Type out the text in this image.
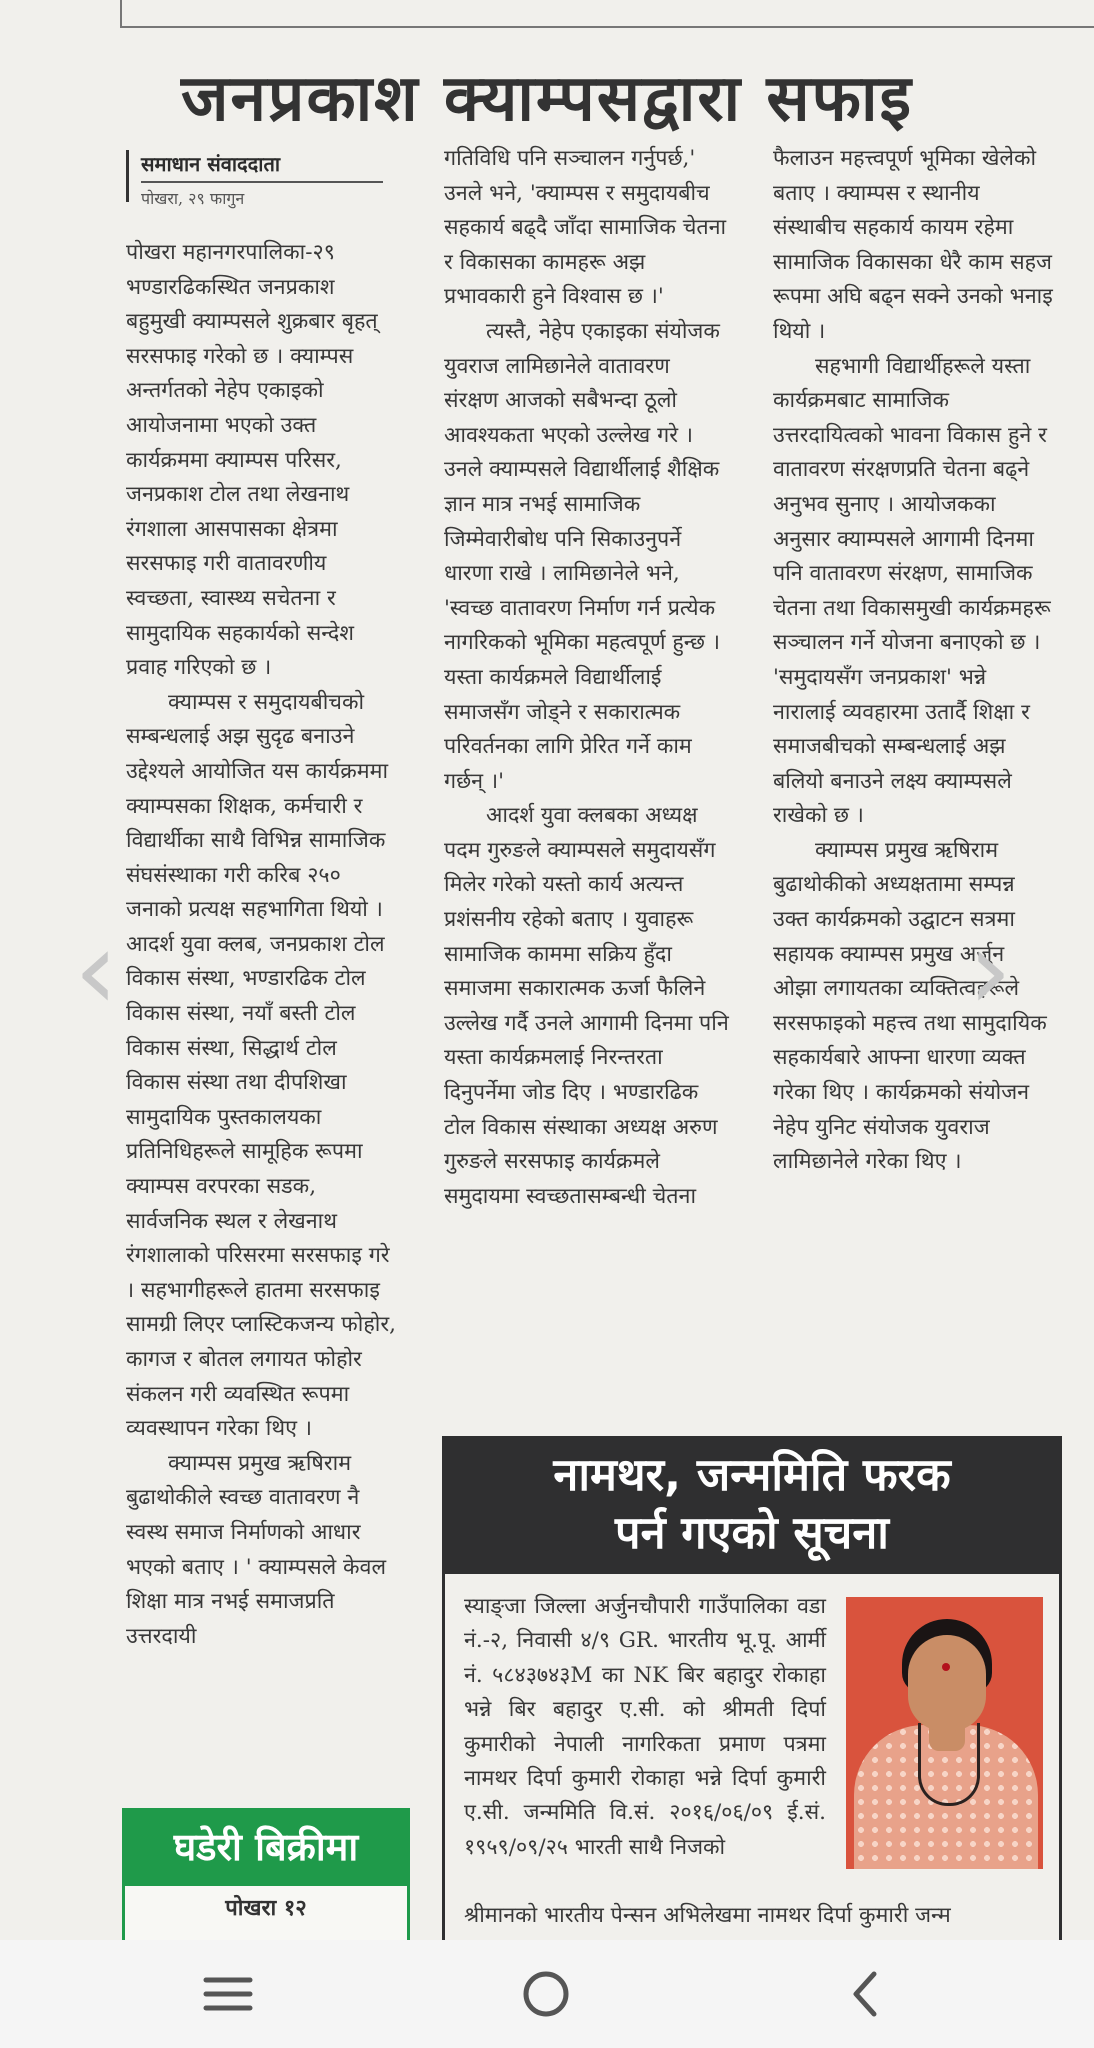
जनप्रकाश क्याम्पसद्वारा सफाइ
समाधान संवाददाता
पोखरा, २९ फागुन

पोखरा महानगरपालिका-२९ भण्डारढिकस्थित जनप्रकाश बहुमुखी क्याम्पसले शुक्रबार बृहत् सरसफाइ गरेको छ । क्याम्पस अन्तर्गतको नेहेप एकाइको आयोजनामा भएको उक्त कार्यक्रममा क्याम्पस परिसर, जनप्रकाश टोल तथा लेखनाथ रंगशाला आसपासका क्षेत्रमा सरसफाइ गरी वातावरणीय स्वच्छता, स्वास्थ्य सचेतना र सामुदायिक सहकार्यको सन्देश प्रवाह गरिएको छ ।

क्याम्पस र समुदायबीचको सम्बन्धलाई अझ सुदृढ बनाउने उद्देश्यले आयोजित यस कार्यक्रममा क्याम्पसका शिक्षक, कर्मचारी र विद्यार्थीका साथै विभिन्न सामाजिक संघसंस्थाका गरी करिब २५० जनाको प्रत्यक्ष सहभागिता थियो । आदर्श युवा क्लब, जनप्रकाश टोल विकास संस्था, भण्डारढिक टोल विकास संस्था, नयाँ बस्ती टोल विकास संस्था, सिद्धार्थ टोल विकास संस्था तथा दीपशिखा सामुदायिक पुस्तकालयका प्रतिनिधिहरूले सामूहिक रूपमा क्याम्पस वरपरका सडक, सार्वजनिक स्थल र लेखनाथ रंगशालाको परिसरमा सरसफाइ गरे । सहभागीहरूले हातमा सरसफाइ सामग्री लिएर प्लास्टिकजन्य फोहोर, कागज र बोतल लगायत फोहोर संकलन गरी व्यवस्थित रूपमा व्यवस्थापन गरेका थिए ।

क्याम्पस प्रमुख ऋषिराम बुढाथोकीले स्वच्छ वातावरण नै स्वस्थ समाज निर्माणको आधार भएको बताए । ' क्याम्पसले केवल शिक्षा मात्र नभई समाजप्रति उत्तरदायी

गतिविधि पनि सञ्चालन गर्नुपर्छ,' उनले भने, 'क्याम्पस र समुदायबीच सहकार्य बढ्दै जाँदा सामाजिक चेतना र विकासका कामहरू अझ प्रभावकारी हुने विश्वास छ ।'

त्यस्तै, नेहेप एकाइका संयोजक युवराज लामिछानेले वातावरण संरक्षण आजको सबैभन्दा ठूलो आवश्यकता भएको उल्लेख गरे । उनले क्याम्पसले विद्यार्थीलाई शैक्षिक ज्ञान मात्र नभई सामाजिक जिम्मेवारीबोध पनि सिकाउनुपर्ने धारणा राखे । लामिछानेले भने, 'स्वच्छ वातावरण निर्माण गर्न प्रत्येक नागरिकको भूमिका महत्वपूर्ण हुन्छ । यस्ता कार्यक्रमले विद्यार्थीलाई समाजसँग जोड्ने र सकारात्मक परिवर्तनका लागि प्रेरित गर्ने काम गर्छन् ।'

आदर्श युवा क्लबका अध्यक्ष पदम गुरुङले क्याम्पसले समुदायसँग मिलेर गरेको यस्तो कार्य अत्यन्त प्रशंसनीय रहेको बताए । युवाहरू सामाजिक काममा सक्रिय हुँदा समाजमा सकारात्मक ऊर्जा फैलिने उल्लेख गर्दै उनले आगामी दिनमा पनि यस्ता कार्यक्रमलाई निरन्तरता दिनुपर्नेमा जोड दिए । भण्डारढिक टोल विकास संस्थाका अध्यक्ष अरुण गुरुङले सरसफाइ कार्यक्रमले समुदायमा स्वच्छतासम्बन्धी चेतना

फैलाउन महत्त्वपूर्ण भूमिका खेलेको बताए । क्याम्पस र स्थानीय संस्थाबीच सहकार्य कायम रहेमा सामाजिक विकासका धेरै काम सहज रूपमा अघि बढ्न सक्ने उनको भनाइ थियो ।

सहभागी विद्यार्थीहरूले यस्ता कार्यक्रमबाट सामाजिक उत्तरदायित्वको भावना विकास हुने र वातावरण संरक्षणप्रति चेतना बढ्ने अनुभव सुनाए । आयोजकका अनुसार क्याम्पसले आगामी दिनमा पनि वातावरण संरक्षण, सामाजिक चेतना तथा विकासमुखी कार्यक्रमहरू सञ्चालन गर्ने योजना बनाएको छ । 'समुदायसँग जनप्रकाश' भन्ने नारालाई व्यवहारमा उतार्दै शिक्षा र समाजबीचको सम्बन्धलाई अझ बलियो बनाउने लक्ष्य क्याम्पसले राखेको छ ।

क्याम्पस प्रमुख ऋषिराम बुढाथोकीको अध्यक्षतामा सम्पन्न उक्त कार्यक्रमको उद्घाटन सत्रमा सहायक क्याम्पस प्रमुख अर्जुन ओझा लगायतका व्यक्तित्वहरूले सरसफाइको महत्त्व तथा सामुदायिक सहकार्यबारे आफ्ना धारणा व्यक्त गरेका थिए । कार्यक्रमको संयोजन नेहेप युनिट संयोजक युवराज लामिछानेले गरेका थिए ।

नामथर, जन्ममिति फरक
पर्न गएको सूचना
स्याङ्जा जिल्ला अर्जुनचौपारी गाउँपालिका वडा नं.-२, निवासी ४/९ GR. भारतीय भू.पू. आर्मी नं. ५८४३७४३M का NK बिर बहादुर रोकाहा भन्ने बिर बहादुर ए.सी. को श्रीमती दिर्पा कुमारीको नेपाली नागरिकता प्रमाण पत्रमा नामथर दिर्पा कुमारी रोकाहा भन्ने दिर्पा कुमारी ए.सी. जन्ममिति वि.सं. २०१६/०६/०९ ई.सं. १९५९/०९/२५ भारती साथै निजको
श्रीमानको भारतीय पेन्सन अभिलेखमा नामथर दिर्पा कुमारी जन्म
घडेरी बिक्रीमा
पोखरा १२
‹	›
